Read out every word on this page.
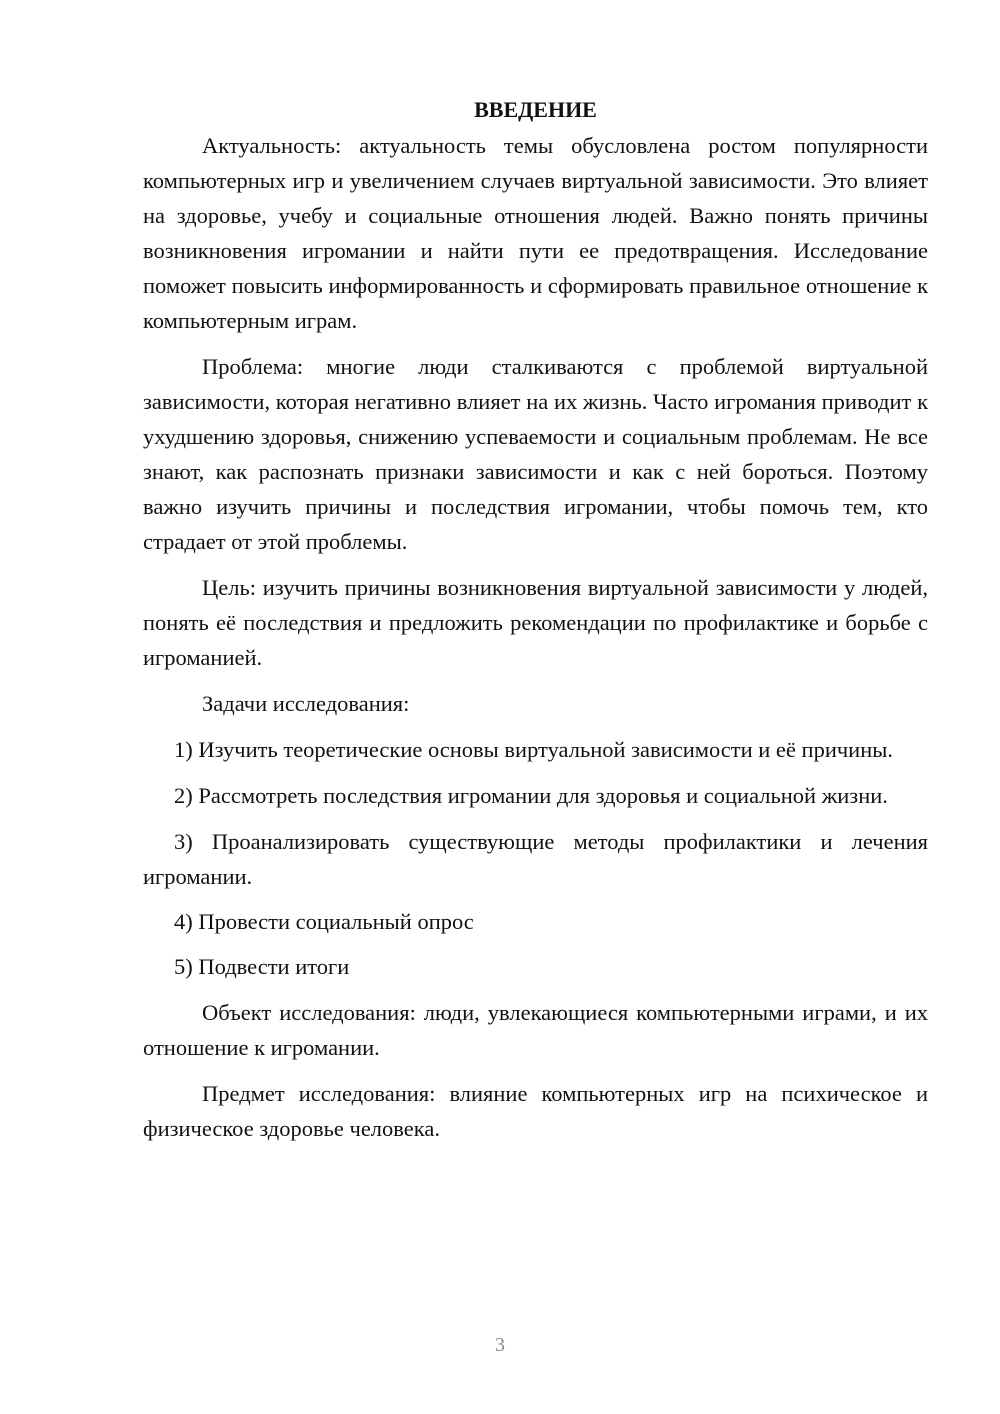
ВВЕДЕНИЕ

Актуальность: актуальность темы обусловлена ростом популярности компьютерных игр и увеличением случаев виртуальной зависимости. Это влияет на здоровье, учебу и социальные отношения людей. Важно понять причины возникновения игромании и найти пути ее предотвращения. Исследование поможет повысить информированность и сформировать правильное отношение к компьютерным играм.

Проблема: многие люди сталкиваются с проблемой виртуальной зависимости, которая негативно влияет на их жизнь. Часто игромания приводит к ухудшению здоровья, снижению успеваемости и социальным проблемам. Не все знают, как распознать признаки зависимости и как с ней бороться. Поэтому важно изучить причины и последствия игромании, чтобы помочь тем, кто страдает от этой проблемы.

Цель: изучить причины возникновения виртуальной зависимости у людей, понять её последствия и предложить рекомендации по профилактике и борьбе с игроманией.

Задачи исследования:

1) Изучить теоретические основы виртуальной зависимости и её причины.

2) Рассмотреть последствия игромании для здоровья и социальной жизни.

3) Проанализировать существующие методы профилактики и лечения игромании.

4) Провести социальный опрос

5) Подвести итоги

Объект исследования: люди, увлекающиеся компьютерными играми, и их отношение к игромании.

Предмет исследования: влияние компьютерных игр на психическое и физическое здоровье человека.

3
